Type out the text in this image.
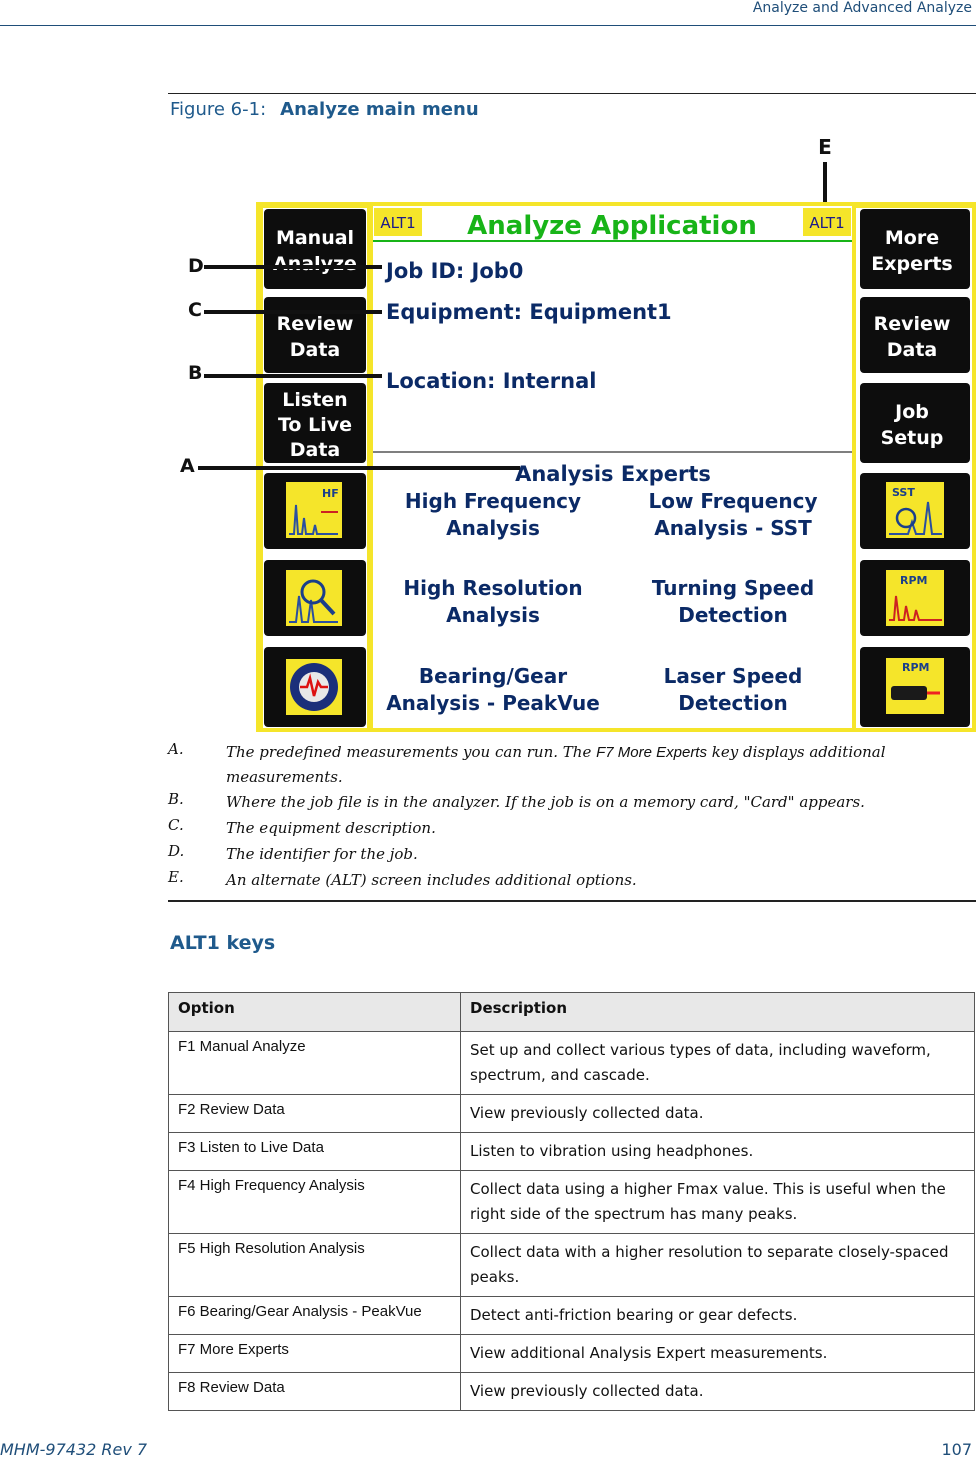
Analyze and Advanced Analyze
Figure 6-1: Analyze main menu
Manual
Analyze
Review
Data
Listen
To Live
Data
HF
More
Experts
Review
Data
Job
Setup
SST
RPM
RPM
ALT1	ALT1
Analyze Application
Job ID: Job0
Equipment: Equipment1
Location: Internal
Analysis Experts
High Frequency
Analysis
Low Frequency
Analysis - SST
High Resolution
Analysis
Turning Speed
Detection
Bearing/Gear
Analysis - PeakVue
Laser Speed
Detection
E
D
C
B
A
A.	The predefined measurements you can run. The F7 More Experts key displays additional measurements.
B.	Where the job file is in the analyzer. If the job is on a memory card, "Card" appears.
C.	The equipment description.
D.	The identifier for the job.
E.	An alternate (ALT) screen includes additional options.
ALT1 keys
Option	Description
F1 Manual Analyze	Set up and collect various types of data, including waveform, spectrum, and cascade.
F2 Review Data	View previously collected data.
F3 Listen to Live Data	Listen to vibration using headphones.
F4 High Frequency Analysis	Collect data using a higher Fmax value. This is useful when the right side of the spectrum has many peaks.
F5 High Resolution Analysis	Collect data with a higher resolution to separate closely-spaced peaks.
F6 Bearing/Gear Analysis - PeakVue	Detect anti-friction bearing or gear defects.
F7 More Experts	View additional Analysis Expert measurements.
F8 Review Data	View previously collected data.
MHM-97432 Rev 7	107
